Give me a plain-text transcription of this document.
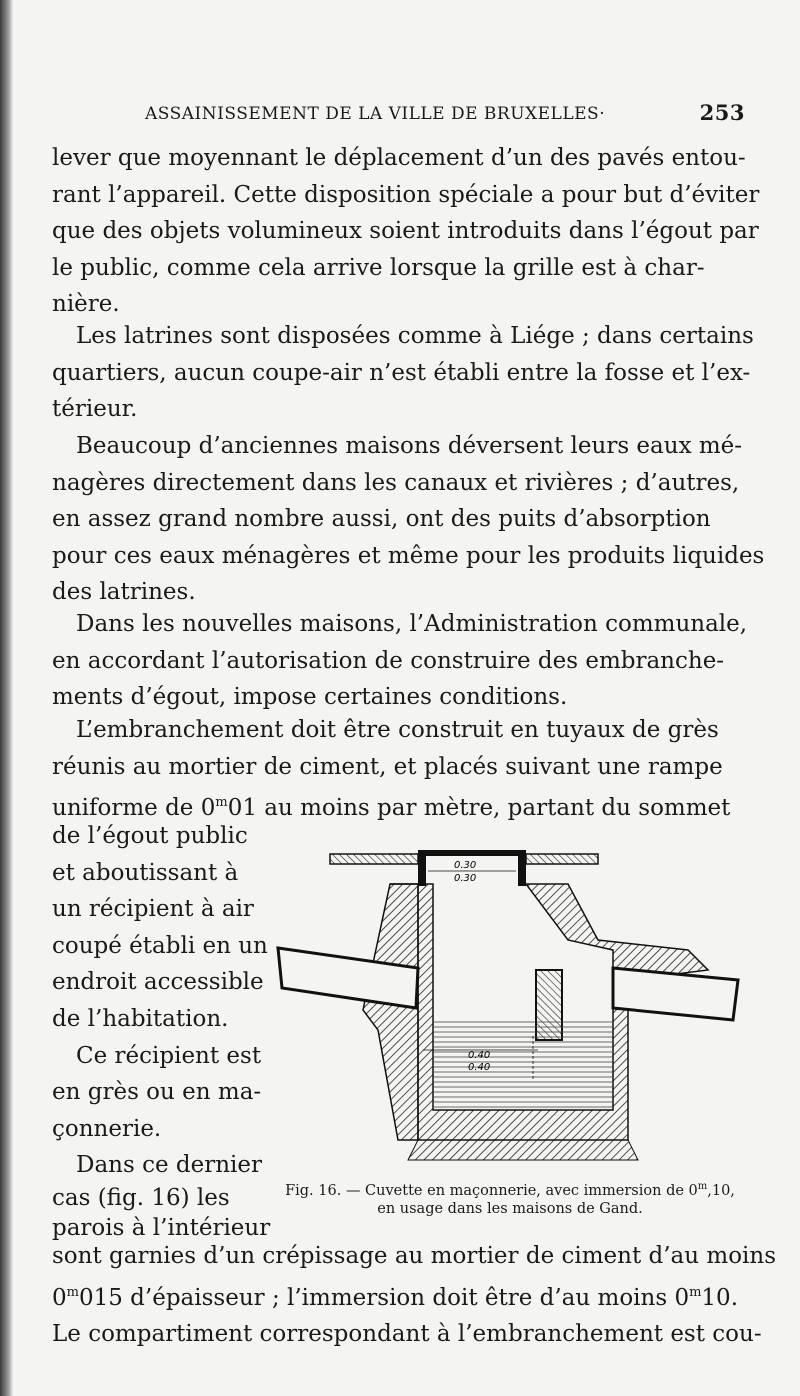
ASSAINISSEMENT DE LA VILLE DE BRUXELLES·	253

lever que moyennant le déplacement d’un des pavés entou-
rant l’appareil. Cette disposition spéciale a pour but d’éviter
que des objets volumineux soient introduits dans l’égout par
le public, comme cela arrive lorsque la grille est à char-
nière.

Les latrines sont disposées comme à Liége ; dans certains
quartiers, aucun coupe-air n’est établi entre la fosse et l’ex-
térieur.

Beaucoup d’anciennes maisons déversent leurs eaux mé-
nagères directement dans les canaux et rivières ; d’autres,
en assez grand nombre aussi, ont des puits d’absorption
pour ces eaux ménagères et même pour les produits liquides
des latrines.

Dans les nouvelles maisons, l’Administration communale,
en accordant l’autorisation de construire des embranche-
ments d’égout, impose certaines conditions.

L’embranchement doit être construit en tuyaux de grès
réunis au mortier de ciment, et placés suivant une rampe
uniforme de 0$^m$01 au moins par mètre, partant du sommet

de l’égout public
et aboutissant à
un récipient à air
coupé établi en un
endroit accessible
de l’habitation.
Ce récipient est
en grès ou en ma-
çonnerie.
Dans ce dernier
cas (fig. 16) les
parois à l’intérieur
0.30
0.30
0.40
0.40
Fig. 16. — Cuvette en maçonnerie, avec immersion de 0$^m$,10,
en usage dans les maisons de Gand.
sont garnies d’un crépissage au mortier de ciment d’au moins
0$^m$015 d’épaisseur ; l’immersion doit être d’au moins 0$^m$10.
Le compartiment correspondant à l’embranchement est cou-
